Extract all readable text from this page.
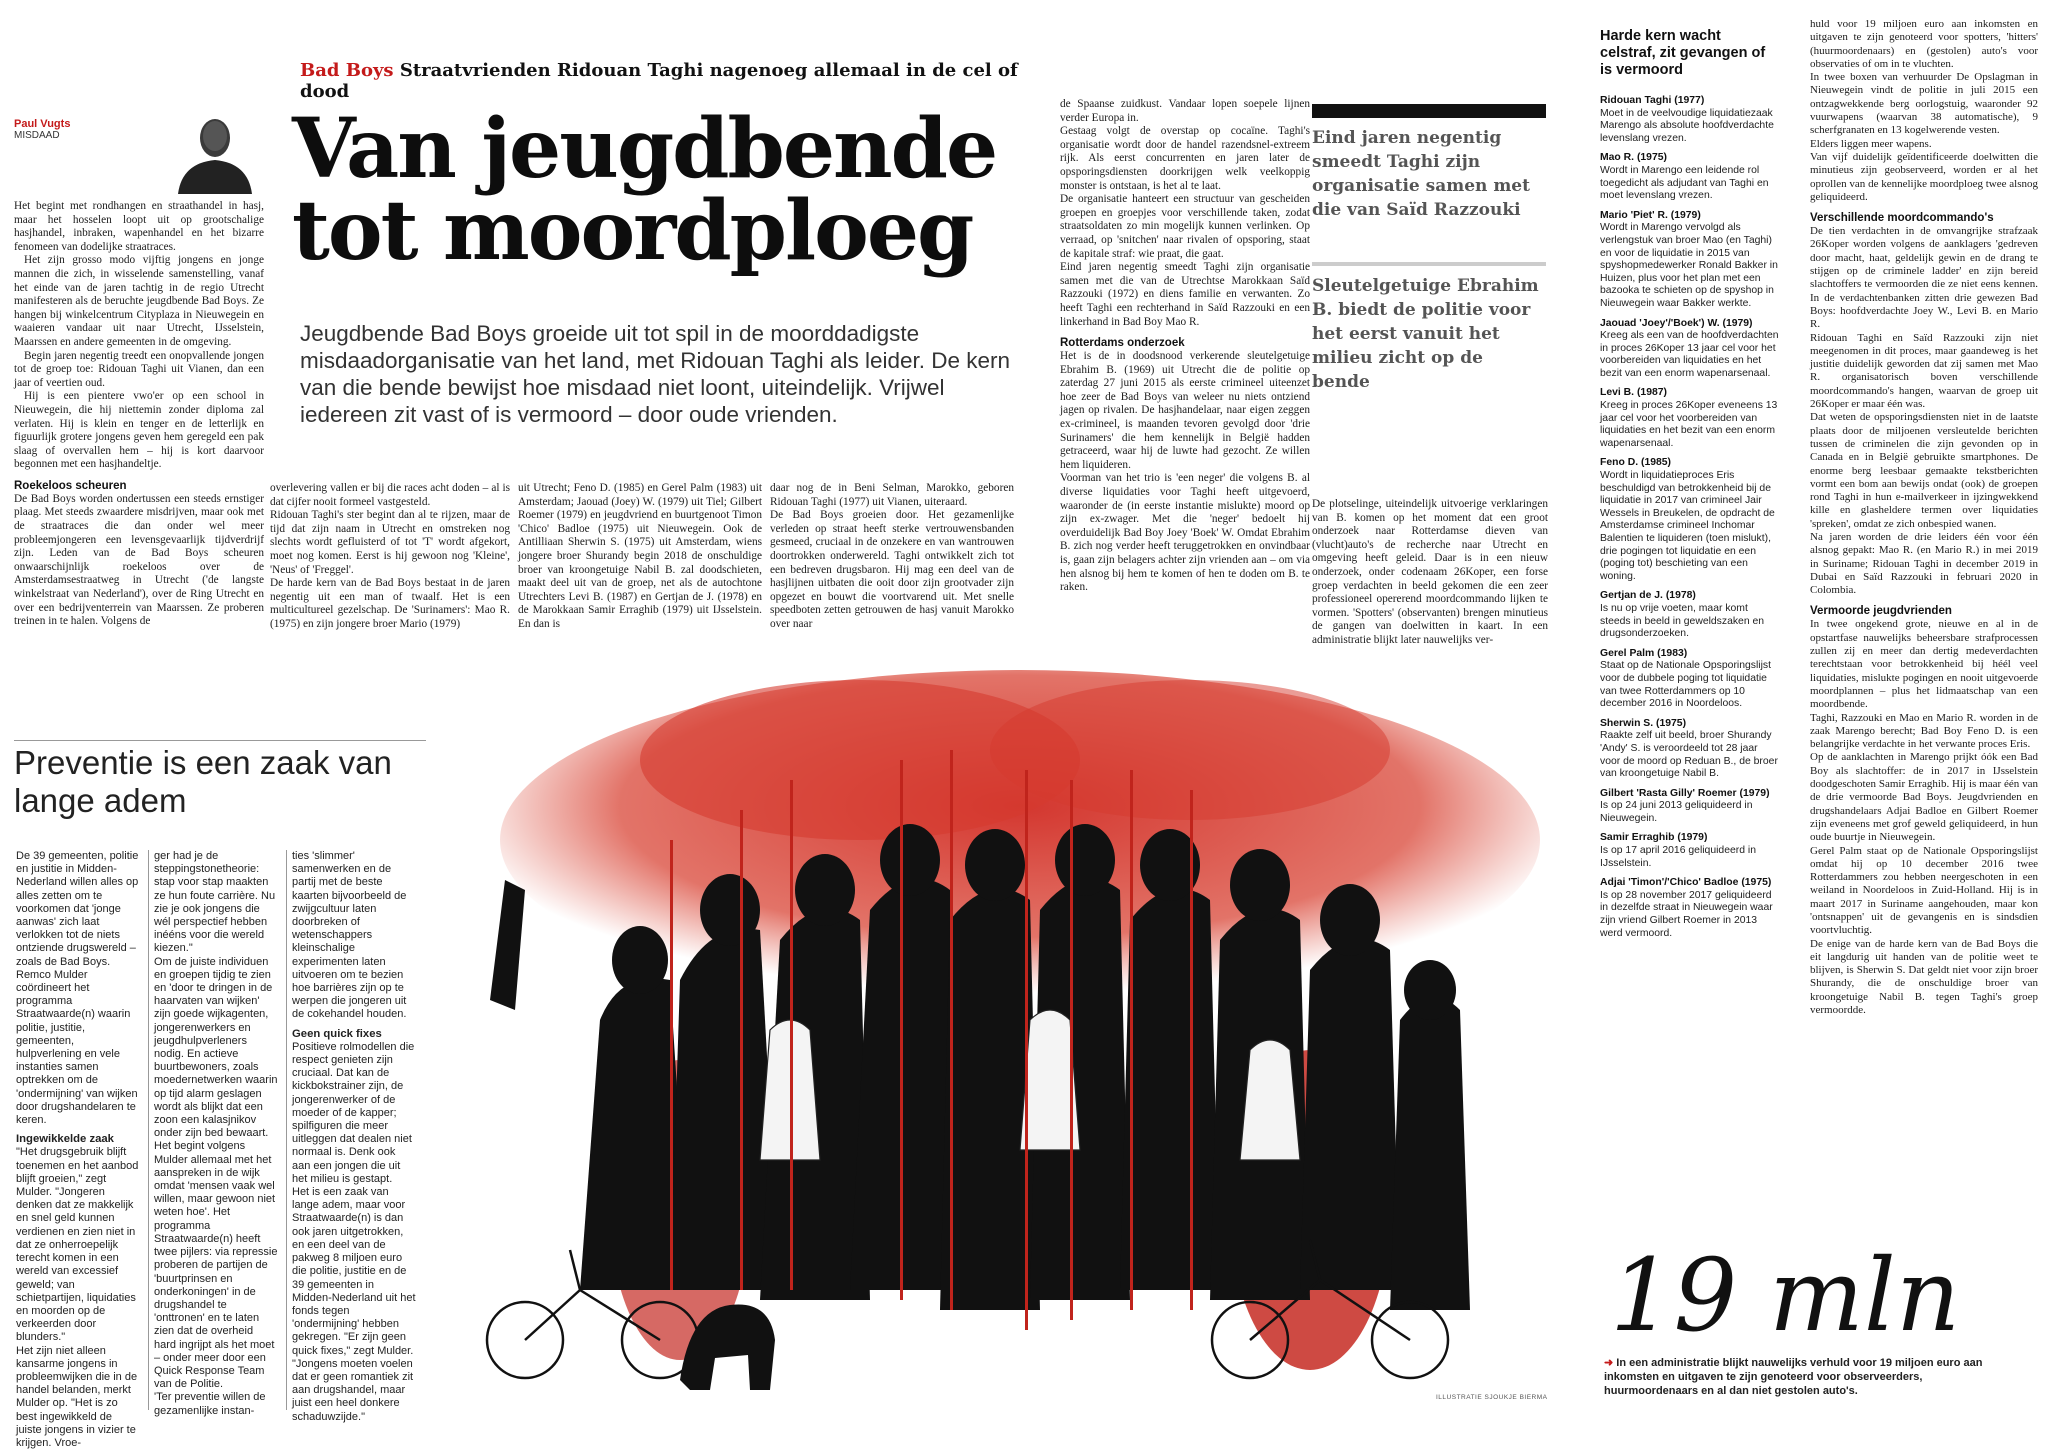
Bad Boys Straatvrienden Ridouan Taghi nagenoeg allemaal in de cel of dood
Paul Vugts
MISDAAD	Van jeugdbende
tot moordploeg
Jeugdbende Bad Boys groeide uit tot spil in de moorddadigste misdaadorganisatie van het land, met Ridouan Taghi als leider. De kern van die bende bewijst hoe misdaad niet loont, uiteindelijk. Vrijwel iedereen zit vast of is vermoord – door oude vrienden.

Het begint met rondhangen en straathandel in hasj, maar het hosselen loopt uit op grootschalige hasjhandel, inbraken, wapenhandel en het bizarre fenomeen van dodelijke straatraces.

Het zijn grosso modo vijftig jongens en jonge mannen die zich, in wisselende samenstelling, vanaf het einde van de jaren tachtig in de regio Utrecht manifesteren als de beruchte jeugdbende Bad Boys. Ze hangen bij winkelcentrum Cityplaza in Nieuwegein en waaieren vandaar uit naar Utrecht, IJsselstein, Maarssen en andere gemeenten in de omgeving.

Begin jaren negentig treedt een onopvallende jongen tot de groep toe: Ridouan Taghi uit Vianen, dan een jaar of veertien oud.

Hij is een pientere vwo'er op een school in Nieuwegein, die hij niettemin zonder diploma zal verlaten. Hij is klein en tenger en de letterlijk en figuurlijk grotere jongens geven hem geregeld een pak slaag of overvallen hem – hij is kort daarvoor begonnen met een hasjhandeltje.

Roekeloos scheuren

De Bad Boys worden ondertussen een steeds ernstiger plaag. Met steeds zwaardere misdrijven, maar ook met de straatraces die dan onder wel meer probleemjongeren een levensgevaarlijk tijdverdrijf zijn. Leden van de Bad Boys scheuren onwaarschijnlijk roekeloos over de Amsterdamsestraatweg in Utrecht ('de langste winkelstraat van Nederland'), over de Ring Utrecht en over een bedrijventerrein van Maarssen. Ze proberen treinen in te halen. Volgens de

overlevering vallen er bij die races acht doden – al is dat cijfer nooit formeel vastgesteld.
Ridouan Taghi's ster begint dan al te rijzen, maar de tijd dat zijn naam in Utrecht en omstreken nog slechts wordt gefluisterd of tot 'T' wordt afgekort, moet nog komen. Eerst is hij gewoon nog 'Kleine', 'Neus' of 'Freggel'.
De harde kern van de Bad Boys bestaat in de jaren negentig uit een man of twaalf. Het is een multicultureel gezelschap. De 'Surinamers': Mao R. (1975) en zijn jongere broer Mario (1979)

uit Utrecht; Feno D. (1985) en Gerel Palm (1983) uit Amsterdam; Jaouad (Joey) W. (1979) uit Tiel; Gilbert Roemer (1979) en jeugdvriend en buurtgenoot Timon 'Chico' Badloe (1975) uit Nieuwegein. Ook de Antilliaan Sherwin S. (1975) uit Amsterdam, wiens jongere broer Shurandy begin 2018 de onschuldige broer van kroongetuige Nabil B. zal doodschieten, maakt deel uit van de groep, net als de autochtone Utrechters Levi B. (1987) en Gertjan de J. (1978) en de Marokkaan Samir Erraghib (1979) uit IJsselstein. En dan is

daar nog de in Beni Selman, Marokko, geboren Ridouan Taghi (1977) uit Vianen, uiteraard.
De Bad Boys groeien door. Het gezamenlijke verleden op straat heeft sterke vertrouwensbanden gesmeed, cruciaal in de onzekere en van wantrouwen doortrokken onderwereld. Taghi ontwikkelt zich tot een bedreven drugsbaron. Hij mag een deel van de hasjlijnen uitbaten die ooit door zijn grootvader zijn opgezet en bouwt die voortvarend uit. Met snelle speedboten zetten getrouwen de hasj vanuit Marokko over naar

de Spaanse zuidkust. Vandaar lopen soepele lijnen verder Europa in.
Gestaag volgt de overstap op cocaïne. Taghi's organisatie wordt door de handel razendsnel-extreem rijk. Als eerst concurrenten en jaren later de opsporingsdiensten doorkrijgen welk veelkoppig monster is ontstaan, is het al te laat.
De organisatie hanteert een structuur van gescheiden groepen en groepjes voor verschillende taken, zodat straatsoldaten zo min mogelijk kunnen verlinken. Op verraad, op 'snitchen' naar rivalen of opsporing, staat de kapitale straf: wie praat, die gaat.
Eind jaren negentig smeedt Taghi zijn organisatie samen met die van de Utrechtse Marokkaan Saïd Razzouki (1972) en diens familie en verwanten. Zo heeft Taghi een rechterhand in Saïd Razzouki en een linkerhand in Bad Boy Mao R.

Rotterdams onderzoek

Het is de in doodsnood verkerende sleutelgetuige Ebrahim B. (1969) uit Utrecht die de politie op zaterdag 27 juni 2015 als eerste crimineel uiteenzet hoe zeer de Bad Boys van weleer nu niets ontziend jagen op rivalen. De hasjhandelaar, naar eigen zeggen ex-crimineel, is maanden tevoren gevolgd door 'drie Surinamers' die hem kennelijk in België hadden getraceerd, waar hij de luwte had gezocht. Ze willen hem liquideren.
Voorman van het trio is 'een neger' die volgens B. al diverse liquidaties voor Taghi heeft uitgevoerd, waaronder de (in eerste instantie mislukte) moord op zijn ex-zwager. Met die 'neger' bedoelt hij overduidelijk Bad Boy Joey 'Boek' W. Omdat Ebrahim B. zich nog verder heeft teruggetrokken en onvindbaar is, gaan zijn belagers achter zijn vrienden aan – om via hen alsnog bij hem te komen of hen te doden om B. te raken.

Eind jaren negentig smeedt Taghi zijn organisatie samen met die van Saïd Razzouki
Sleutelgetuige Ebrahim B. biedt de politie voor het eerst vanuit het milieu zicht op de bende

De plotselinge, uiteindelijk uitvoerige verklaringen van B. komen op het moment dat een groot onderzoek naar Rotterdamse dieven van (vlucht)auto's de recherche naar Utrecht en omgeving heeft geleid. Daar is in een nieuw onderzoek, onder codenaam 26Koper, een forse groep verdachten in beeld gekomen die een zeer professioneel opererend moordcommando lijken te vormen. 'Spotters' (observanten) brengen minutieus de gangen van doelwitten in kaart. In een administratie blijkt later nauwelijks ver-

Harde kern wacht celstraf, zit gevangen of is vermoord
Ridouan Taghi (1977)
Moet in de veelvoudige liquidatiezaak Marengo als absolute hoofdverdachte levenslang vrezen.
Mao R. (1975)
Wordt in Marengo een leidende rol toegedicht als adjudant van Taghi en moet levenslang vrezen.
Mario 'Piet' R. (1979)
Wordt in Marengo vervolgd als verlengstuk van broer Mao (en Taghi) en voor de liquidatie in 2015 van spyshopmedewerker Ronald Bakker in Huizen, plus voor het plan met een bazooka te schieten op de spyshop in Nieuwegein waar Bakker werkte.
Jaouad 'Joey'/'Boek') W. (1979)
Kreeg als een van de hoofdverdachten in proces 26Koper 13 jaar cel voor het voorbereiden van liquidaties en het bezit van een enorm wapenarsenaal.
Levi B. (1987)
Kreeg in proces 26Koper eveneens 13 jaar cel voor het voorbereiden van liquidaties en het bezit van een enorm wapenarsenaal.
Feno D. (1985)
Wordt in liquidatieproces Eris beschuldigd van betrokkenheid bij de liquidatie in 2017 van crimineel Jair Wessels in Breukelen, de opdracht de Amsterdamse crimineel Inchomar Balentien te liquideren (toen mislukt), drie pogingen tot liquidatie en een (poging tot) beschieting van een woning.
Gertjan de J. (1978)
Is nu op vrije voeten, maar komt steeds in beeld in geweldszaken en drugsonderzoeken.
Gerel Palm (1983)
Staat op de Nationale Opsporingslijst voor de dubbele poging tot liquidatie van twee Rotterdammers op 10 december 2016 in Noordeloos.
Sherwin S. (1975)
Raakte zelf uit beeld, broer Shurandy 'Andy' S. is veroordeeld tot 28 jaar voor de moord op Reduan B., de broer van kroongetuige Nabil B.
Gilbert 'Rasta Gilly' Roemer (1979)
Is op 24 juni 2013 geliquideerd in Nieuwegein.
Samir Erraghib (1979)
Is op 17 april 2016 geliquideerd in IJsselstein.
Adjai 'Timon'/'Chico' Badloe (1975)
Is op 28 november 2017 geliquideerd in dezelfde straat in Nieuwegein waar zijn vriend Gilbert Roemer in 2013 werd vermoord.

huld voor 19 miljoen euro aan inkomsten en uitgaven te zijn genoteerd voor spotters, 'hitters' (huurmoordenaars) en (gestolen) auto's voor observaties of om in te vluchten.
In twee boxen van verhuurder De Opslagman in Nieuwegein vindt de politie in juli 2015 een ontzagwekkende berg oorlogstuig, waaronder 92 vuurwapens (waarvan 38 automatische), 9 scherfgranaten en 13 kogelwerende vesten.
Elders liggen meer wapens.
Van vijf duidelijk geïdentificeerde doelwitten die minutieus zijn geobserveerd, worden er al het oprollen van de kennelijke moordploeg twee alsnog geliquideerd.

Verschillende moordcommando's

De tien verdachten in de omvangrijke strafzaak 26Koper worden volgens de aanklagers 'gedreven door macht, haat, geldelijk gewin en de drang te stijgen op de criminele ladder' en zijn bereid slachtoffers te vermoorden die ze niet eens kennen. In de verdachtenbanken zitten drie gewezen Bad Boys: hoofdverdachte Joey W., Levi B. en Mario R.
Ridouan Taghi en Saïd Razzouki zijn niet meegenomen in dit proces, maar gaandeweg is het justitie duidelijk geworden dat zij samen met Mao R. organisatorisch boven verschillende moordcommando's hangen, waarvan de groep uit 26Koper er maar één was.
Dat weten de opsporingsdiensten niet in de laatste plaats door de miljoenen versleutelde berichten tussen de criminelen die zijn gevonden op in Canada en in België gebruikte smartphones. De enorme berg leesbaar gemaakte tekstberichten vormt een bom aan bewijs ondat (ook) de groepen rond Taghi in hun e-mailverkeer in ijzingwekkend kille en glasheldere termen over liquidaties 'spreken', omdat ze zich onbespied wanen.
Na jaren worden de drie leiders één voor één alsnog gepakt: Mao R. (en Mario R.) in mei 2019 in Suriname; Ridouan Taghi in december 2019 in Dubai en Saïd Razzouki in februari 2020 in Colombia.

Vermoorde jeugdvrienden

In twee ongekend grote, nieuwe en al in de opstartfase nauwelijks beheersbare strafprocessen zullen zij en meer dan dertig medeverdachten terechtstaan voor betrokkenheid bij héél veel liquidaties, mislukte pogingen en nooit uitgevoerde moordplannen – plus het lidmaatschap van een moordbende.
Taghi, Razzouki en Mao en Mario R. worden in de zaak Marengo berecht; Bad Boy Feno D. is een belangrijke verdachte in het verwante proces Eris.
Op de aanklachten in Marengo prijkt óók een Bad Boy als slachtoffer: de in 2017 in IJsselstein doodgeschoten Samir Erraghib. Hij is maar één van de drie vermoorde Bad Boys. Jeugdvrienden en drugshandelaars Adjai Badloe en Gilbert Roemer zijn eveneens met grof geweld geliquideerd, in hun oude buurtje in Nieuwegein.
Gerel Palm staat op de Nationale Opsporingslijst omdat hij op 10 december 2016 twee Rotterdammers zou hebben neergeschoten in een weiland in Noordeloos in Zuid-Holland. Hij is in maart 2017 in Suriname aangehouden, maar kon 'ontsnappen' uit de gevangenis en is sindsdien voortvluchtig.
De enige van de harde kern van de Bad Boys die eit langdurig uit handen van de politie weet te blijven, is Sherwin S. Dat geldt niet voor zijn broer Shurandy, die de onschuldige broer van kroongetuige Nabil B. tegen Taghi's groep vermoordde.

Preventie is een zaak van lange adem

De 39 gemeenten, politie en justitie in Midden-Nederland willen alles op alles zetten om te voorkomen dat 'jonge aanwas' zich laat verlokken tot de niets ontziende drugswereld – zoals de Bad Boys.
Remco Mulder coördineert het programma Straatwaarde(n) waarin politie, justitie, gemeenten, hulpverlening en vele instanties samen optrekken om de 'ondermijning' van wijken door drugshandelaren te keren.

Ingewikkelde zaak

"Het drugsgebruik blijft toenemen en het aanbod blijft groeien," zegt Mulder. "Jongeren denken dat ze makkelijk en snel geld kunnen verdienen en zien niet in dat ze onherroepelijk terecht komen in een wereld van excessief geweld; van schietpartijen, liquidaties en moorden op de verkeerden door blunders."
Het zijn niet alleen kansarme jongens in probleemwijken die in de handel belanden, merkt Mulder op. "Het is zo best ingewikkeld de juiste jongens in vizier te krijgen. Vroe-

ger had je de steppingstonetheorie: stap voor stap maakten ze hun foute carrière. Nu zie je ook jongens die wél perspectief hebben inééns voor die wereld kiezen."
Om de juiste individuen en groepen tijdig te zien en 'door te dringen in de haarvaten van wijken' zijn goede wijkagenten, jongerenwerkers en jeugdhulpverleners nodig. En actieve buurtbewoners, zoals moedernetwerken waarin op tijd alarm geslagen wordt als blijkt dat een zoon een kalasjnikov onder zijn bed bewaart.
Het begint volgens Mulder allemaal met het aanspreken in de wijk omdat 'mensen vaak wel willen, maar gewoon niet weten hoe'. Het programma Straatwaarde(n) heeft twee pijlers: via repressie proberen de partijen de 'buurtprinsen en onderkoningen' in de drugshandel te 'onttronen' en te laten zien dat de overheid hard ingrijpt als het moet – onder meer door een Quick Response Team van de Politie.
'Ter preventie willen de gezamenlijke instan-

ties 'slimmer' samenwerken en de partij met de beste kaarten bijvoorbeeld de zwijgcultuur laten doorbreken of wetenschappers kleinschalige experimenten laten uitvoeren om te bezien hoe barrières zijn op te werpen die jongeren uit de cokehandel houden.

Geen quick fixes

Positieve rolmodellen die respect genieten zijn cruciaal. Dat kan de kickbokstrainer zijn, de jongerenwerker of de moeder of de kapper; spilfiguren die meer uitleggen dat dealen niet normaal is. Denk ook aan een jongen die uit het milieu is gestapt.
Het is een zaak van lange adem, maar voor Straatwaarde(n) is dan ook jaren uitgetrokken, en een deel van de pakweg 8 miljoen euro die politie, justitie en de 39 gemeenten in Midden-Nederland uit het fonds tegen 'ondermijning' hebben gekregen. "Er zijn geen quick fixes," zegt Mulder. "Jongens moeten voelen dat er geen romantiek zit aan drugshandel, maar juist een heel donkere schaduwzijde."

ILLUSTRATIE SJOUKJE BIERMA
19 mln
➜ In een administratie blijkt nauwelijks verhuld voor 19 miljoen euro aan inkomsten en uitgaven te zijn genoteerd voor observeerders, huurmoordenaars en al dan niet gestolen auto's.
